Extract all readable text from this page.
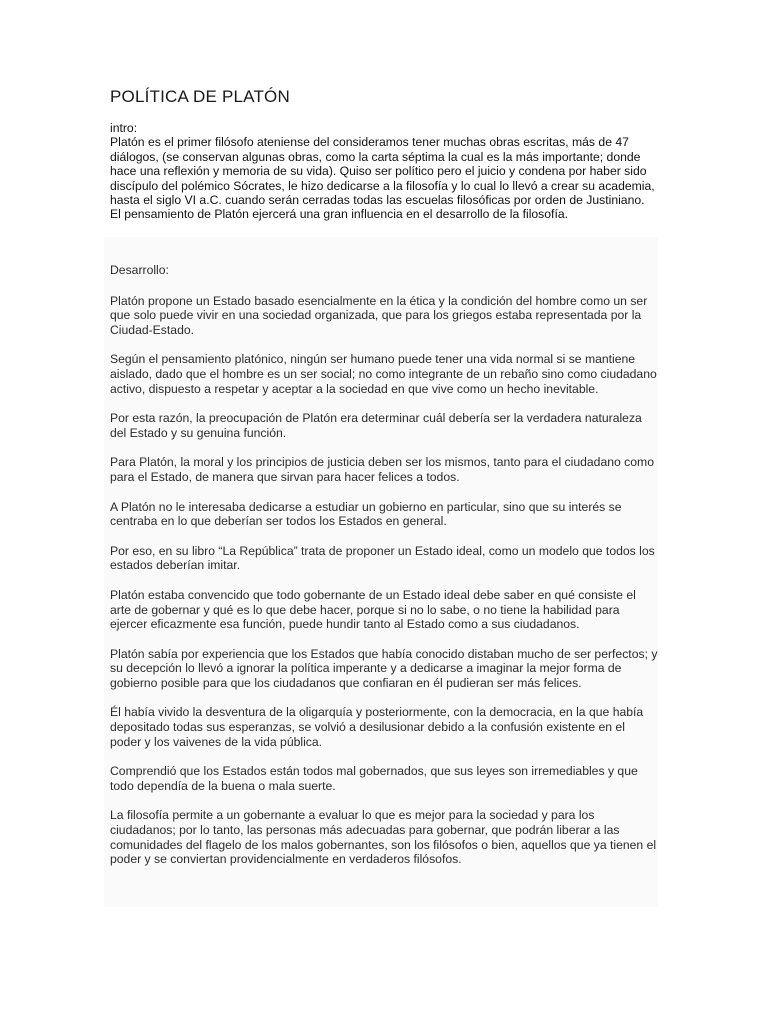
POLÍTICA DE PLATÓN

intro:

Platón es el primer filósofo ateniense del consideramos tener muchas obras escritas, más de 47 diálogos, (se conservan algunas obras, como la carta séptima la cual es la más importante; donde hace una reflexión y memoria de su vida). Quiso ser político pero el juicio y condena por haber sido discípulo del polémico Sócrates, le hizo dedicarse a la filosofía y lo cual lo llevó a crear su academia, hasta el siglo VI a.C. cuando serán cerradas todas las escuelas filosóficas por orden de Justiniano. El pensamiento de Platón ejercerá una gran influencia en el desarrollo de la filosofía.

Desarrollo:

Platón propone un Estado basado esencialmente en la ética y la condición del hombre como un ser que solo puede vivir en una sociedad organizada, que para los griegos estaba representada por la Ciudad-Estado.

Según el pensamiento platónico, ningún ser humano puede tener una vida normal si se mantiene aislado, dado que el hombre es un ser social; no como integrante de un rebaño sino como ciudadano activo, dispuesto a respetar y aceptar a la sociedad en que vive como un hecho inevitable.

Por esta razón, la preocupación de Platón era determinar cuál debería ser la verdadera naturaleza del Estado y su genuina función.

Para Platón, la moral y los principios de justicia deben ser los mismos, tanto para el ciudadano como para el Estado, de manera que sirvan para hacer felices a todos.

A Platón no le interesaba dedicarse a estudiar un gobierno en particular, sino que su interés se centraba en lo que deberían ser todos los Estados en general.

Por eso, en su libro “La República” trata de proponer un Estado ideal, como un modelo que todos los estados deberían imitar.

Platón estaba convencido que todo gobernante de un Estado ideal debe saber en qué consiste el arte de gobernar y qué es lo que debe hacer, porque si no lo sabe, o no tiene la habilidad para ejercer eficazmente esa función, puede hundir tanto al Estado como a sus ciudadanos.

Platón sabía por experiencia que los Estados que había conocido distaban mucho de ser perfectos; y su decepción lo llevó a ignorar la política imperante y a dedicarse a imaginar la mejor forma de gobierno posible para que los ciudadanos que confiaran en él pudieran ser más felices.

Él había vivido la desventura de la oligarquía y posteriormente, con la democracia, en la que había depositado todas sus esperanzas, se volvió a desilusionar debido a la confusión existente en el poder y los vaivenes de la vida pública.

Comprendió que los Estados están todos mal gobernados, que sus leyes son irremediables y que todo dependía de la buena o mala suerte.

La filosofía permite a un gobernante a evaluar lo que es mejor para la sociedad y para los ciudadanos; por lo tanto, las personas más adecuadas para gobernar, que podrán liberar a las comunidades del flagelo de los malos gobernantes, son los filósofos o bien, aquellos que ya tienen el poder y se conviertan providencialmente en verdaderos filósofos.
